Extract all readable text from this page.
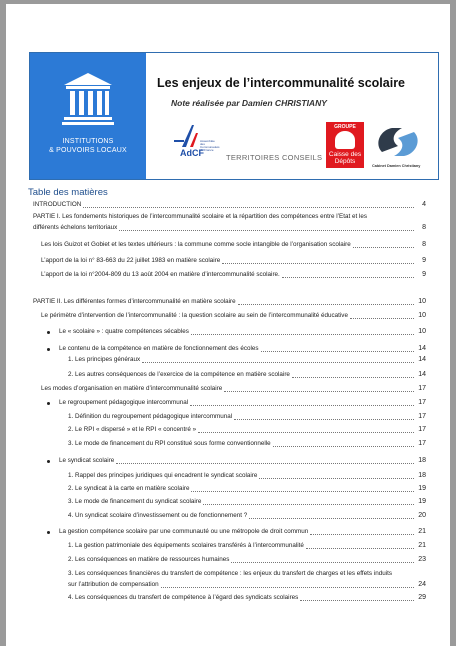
INSTITUTIONS
& POUVOIRS LOCAUX
Les enjeux de l’intercommunalité scolaire
Note réalisée par Damien CHRISTIANY
Assemblée des Communautés de France
AdCF	TERRITOIRES CONSEILS
GROUPE
Caisse des Dépôts
Cabinet Damien Christiany
Table des matières
INTRODUCTION	4
PARTIE I. Les fondements historiques de l’intercommunalité scolaire et la répartition des compétences entre l’Etat et les
différents échelons territoriaux	8
Les lois Guizot et Gobiet et les textes ultérieurs : la commune comme socle intangible de l’organisation scolaire	8
L’apport de la loi n° 83-663 du 22 juillet 1983 en matière scolaire	9
L’apport de la loi n°2004-809 du 13 août 2004 en matière d’intercommunalité scolaire.	9
PARTIE II. Les différentes formes d’intercommunalité en matière scolaire	10
Le périmètre d’intervention de l’intercommunalité : la question scolaire au sein de l’intercommunalité éducative	10
Le « scolaire » : quatre compétences sécables	10
Le contenu de la compétence en matière de fonctionnement des écoles	14
1. Les principes généraux	14
2. Les autres conséquences de l’exercice de la compétence en matière scolaire	14
Les modes d’organisation en matière d’intercommunalité scolaire	17
Le regroupement pédagogique intercommunal	17
1. Définition du regroupement pédagogique intercommunal	17
2. Le RPI « dispersé » et le RPI « concentré »	17
3. Le mode de financement du RPI constitué sous forme conventionnelle	17
Le syndicat scolaire	18
1. Rappel des principes juridiques qui encadrent le syndicat scolaire	18
2. Le syndicat à la carte en matière scolaire	19
3. Le mode de financement du syndicat scolaire	19
4. Un syndicat scolaire d’investissement ou de fonctionnement ?	20
La gestion compétence scolaire par une communauté ou une métropole de droit commun	21
1. La gestion patrimoniale des équipements scolaires transférés à l’intercommunalité	21
2. Les conséquences en matière de ressources humaines	23
3. Les conséquences financières du transfert de compétence : les enjeux du transfert de charges et les effets induits
sur l’attribution de compensation	24
4. Les conséquences du transfert de compétence à l’égard des syndicats scolaires	29
